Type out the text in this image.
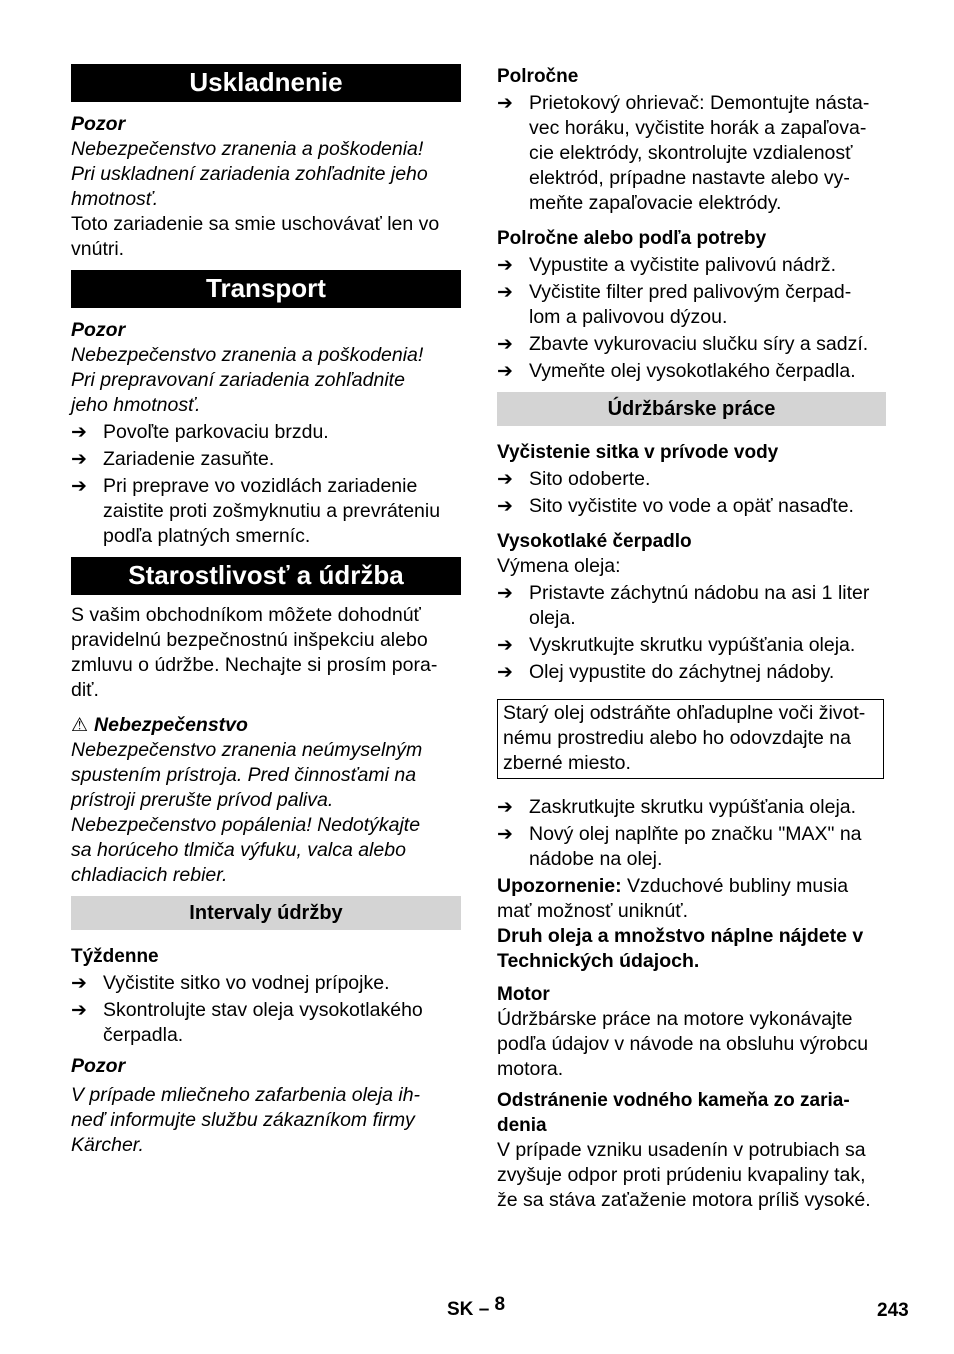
Uskladnenie
Pozor

Nebezpečenstvo zranenia a poškodenia!
Pri uskladnení zariadenia zohľadnite jeho
hmotnosť.

Toto zariadenie sa smie uschovávať len vo
vnútri.

Transport
Pozor

Nebezpečenstvo zranenia a poškodenia!
Pri prepravovaní zariadenia zohľadnite
jeho hmotnosť.

➔ Povoľte parkovaciu brzdu.
➔ Zariadenie zasuňte.
➔ Pri preprave vo vozidlách zariadenie
zaistite proti zošmyknutiu a prevráteniu
podľa platných smerníc.
Starostlivosť a údržba

S vašim obchodníkom môžete dohodnúť
pravidelnú bezpečnostnú inšpekciu alebo
zmluvu o údržbe. Nechajte si prosím pora-
diť.

⚠ Nebezpečenstvo

Nebezpečenstvo zranenia neúmyselným
spustením prístroja. Pred činnosťami na
prístroji prerušte prívod paliva.
Nebezpečenstvo popálenia! Nedotýkajte
sa horúceho tlmiča výfuku, valca alebo
chladiacich rebier.

Intervaly údržby
Týždenne
➔ Vyčistite sitko vo vodnej prípojke.
➔ Skontrolujte stav oleja vysokotlakého
čerpadla.
Pozor

V prípade mliečneho zafarbenia oleja ih-
neď informujte službu zákazníkom firmy
Kärcher.

Polročne
➔ Prietokový ohrievač: Demontujte násta-
vec horáku, vyčistite horák a zapaľova-
cie elektródy, skontrolujte vzdialenosť
elektród, prípadne nastavte alebo vy-
meňte zapaľovacie elektródy.
Polročne alebo podľa potreby
➔ Vypustite a vyčistite palivovú nádrž.
➔ Vyčistite filter pred palivovým čerpad-
lom a palivovou dýzou.
➔ Zbavte vykurovaciu slučku síry a sadzí.
➔ Vymeňte olej vysokotlakého čerpadla.
Údržbárske práce
Vyčistenie sitka v prívode vody
➔ Sito odoberte.
➔ Sito vyčistite vo vode a opäť nasaďte.
Vysokotlaké čerpadlo

Výmena oleja:

➔ Pristavte záchytnú nádobu na asi 1 liter
oleja.
➔ Vyskrutkujte skrutku vypúšťania oleja.
➔ Olej vypustite do záchytnej nádoby.
Starý olej odstráňte ohľaduplne voči život-
nému prostrediu alebo ho odovzdajte na
zberné miesto.
➔ Zaskrutkujte skrutku vypúšťania oleja.
➔ Nový olej naplňte po značku "MAX" na
nádobe na olej.

Upozornenie: Vzduchové bubliny musia
mať možnosť uniknúť.

Druh oleja a množstvo náplne nájdete v
Technických údajoch.

Motor

Údržbárske práce na motore vykonávajte
podľa údajov v návode na obsluhu výrobcu
motora.

Odstránenie vodného kameňa zo zaria-
denia

V prípade vzniku usadenín v potrubiach sa
zvyšuje odpor proti prúdeniu kvapaliny tak,
že sa stáva zaťaženie motora príliš vysoké.

SK – 8	243
